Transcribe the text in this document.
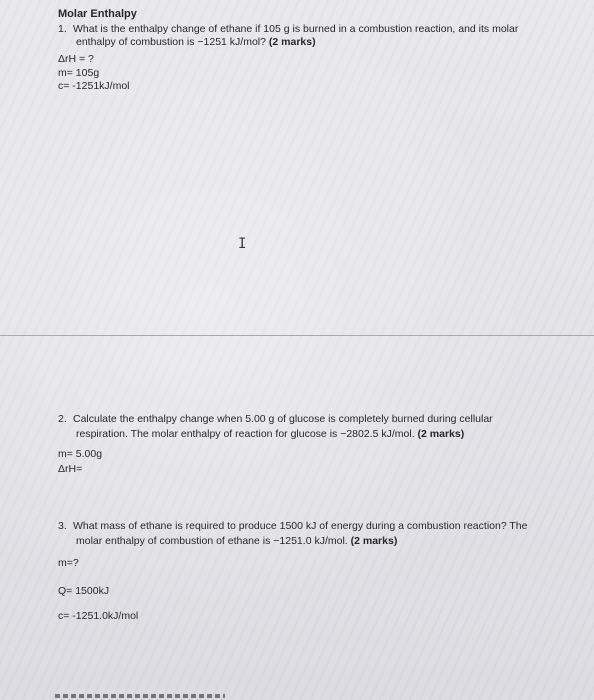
Molar Enthalpy
1. What is the enthalpy change of ethane if 105 g is burned in a combustion reaction, and its molar
enthalpy of combustion is −1251 kJ/mol? (2 marks)
ΔrH = ?
m= 105g
c= -1251kJ/mol
I
2. Calculate the enthalpy change when 5.00 g of glucose is completely burned during cellular
respiration. The molar enthalpy of reaction for glucose is −2802.5 kJ/mol. (2 marks)
m= 5.00g
ΔrH=
3. What mass of ethane is required to produce 1500 kJ of energy during a combustion reaction? The
molar enthalpy of combustion of ethane is −1251.0 kJ/mol. (2 marks)
m=?
Q= 1500kJ
c= -1251.0kJ/mol
